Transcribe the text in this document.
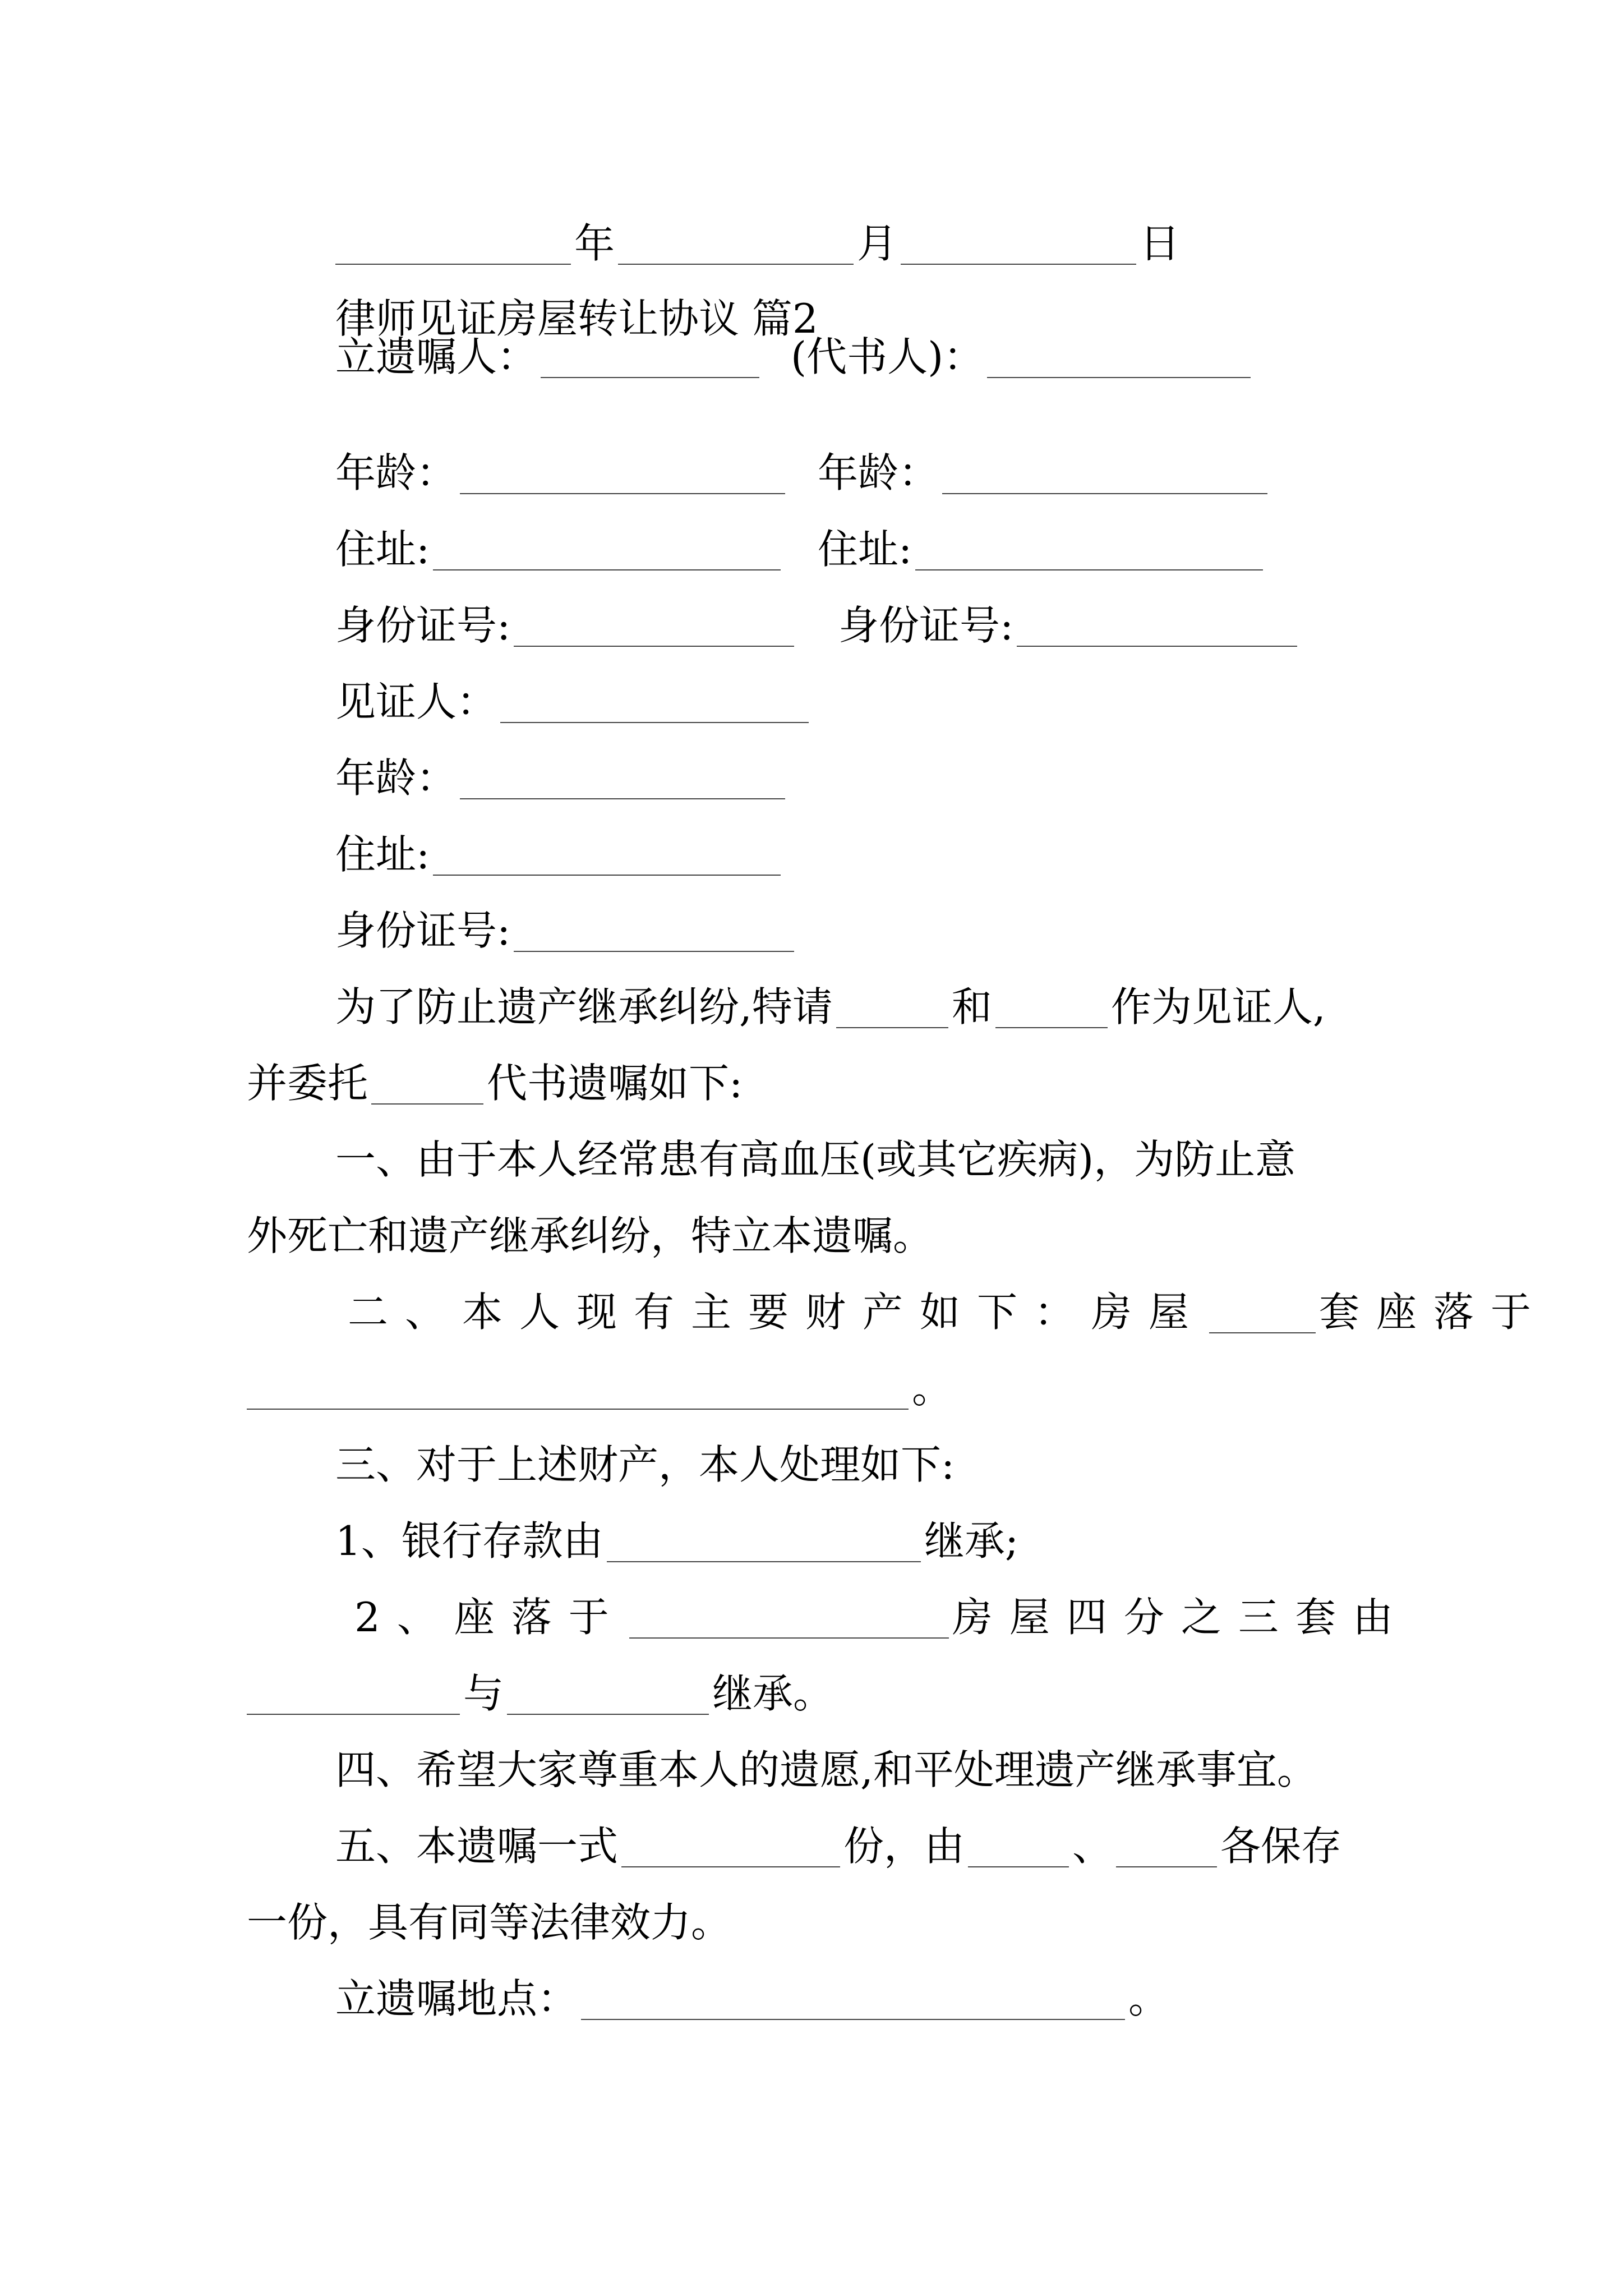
年	月	日
律师见证房屋转让协议 篇2
立遗嘱人：	(代书人)：
年龄：	年龄：
住址:	住址:
身份证号:	身份证号:
见证人：
年龄：
住址:
身份证号:
为了防止遗产继承纠纷,特请	和	作为见证人,
并委托	代书遗嘱如下:
一、由于本人经常患有高血压(或其它疾病)，为防止意
外死亡和遗产继承纠纷，特立本遗嘱。
二、本人现有主要财产如下：房屋	套座落于
。
三、对于上述财产，本人处理如下:
1、银行存款由	继承;
2、座落于	房屋四分之三套由
与	继承。
四、希望大家尊重本人的遗愿,和平处理遗产继承事宜。
五、本遗嘱一式	份，由	、	各保存
一份，具有同等法律效力。
立遗嘱地点：	。
